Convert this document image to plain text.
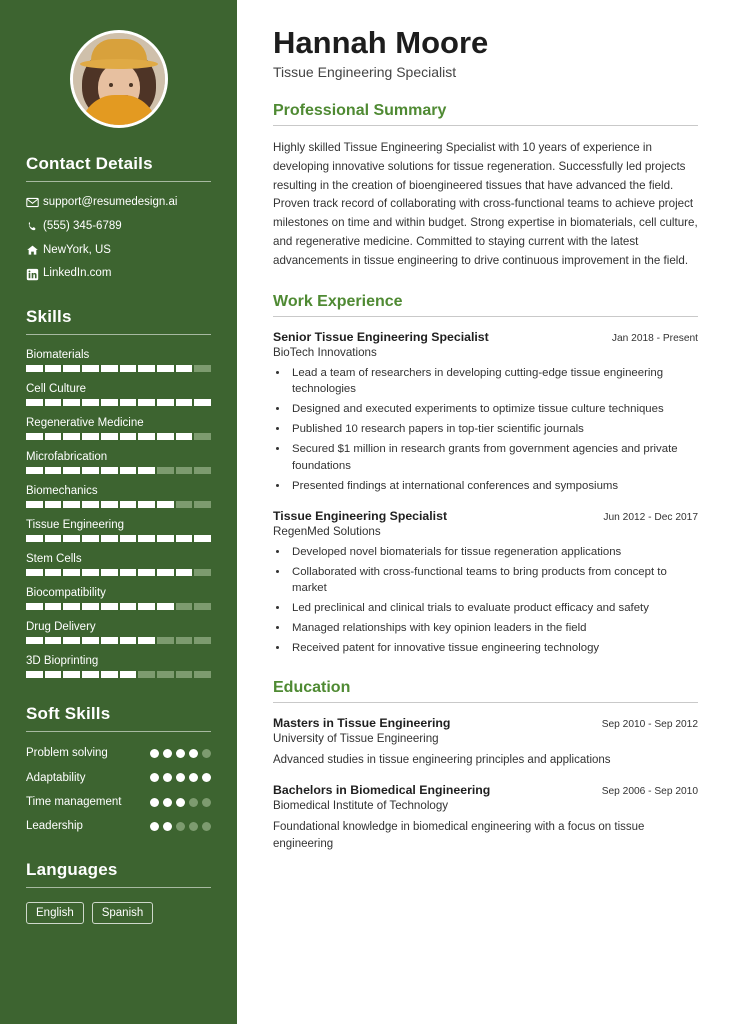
Contact Details
support@resumedesign.ai
(555) 345-6789
NewYork, US
LinkedIn.com
Skills
Biomaterials
Cell Culture
Regenerative Medicine
Microfabrication
Biomechanics
Tissue Engineering
Stem Cells
Biocompatibility
Drug Delivery
3D Bioprinting
Soft Skills
Problem solving
Adaptability
Time management
Leadership
Languages
English	Spanish
Hannah Moore
Tissue Engineering Specialist
Professional Summary

Highly skilled Tissue Engineering Specialist with 10 years of experience in developing innovative solutions for tissue regeneration. Successfully led projects resulting in the creation of bioengineered tissues that have advanced the field. Proven track record of collaborating with cross-functional teams to achieve project milestones on time and within budget. Strong expertise in biomaterials, cell culture, and regenerative medicine. Committed to staying current with the latest advancements in tissue engineering to drive continuous improvement in the field.

Work Experience
Senior Tissue Engineering Specialist	Jan 2018 - Present
BioTech Innovations
• Lead a team of researchers in developing cutting-edge tissue engineering technologies
• Designed and executed experiments to optimize tissue culture techniques
• Published 10 research papers in top-tier scientific journals
• Secured $1 million in research grants from government agencies and private foundations
• Presented findings at international conferences and symposiums
Tissue Engineering Specialist	Jun 2012 - Dec 2017
RegenMed Solutions
• Developed novel biomaterials for tissue regeneration applications
• Collaborated with cross-functional teams to bring products from concept to market
• Led preclinical and clinical trials to evaluate product efficacy and safety
• Managed relationships with key opinion leaders in the field
• Received patent for innovative tissue engineering technology
Education
Masters in Tissue Engineering	Sep 2010 - Sep 2012
University of Tissue Engineering
Advanced studies in tissue engineering principles and applications
Bachelors in Biomedical Engineering	Sep 2006 - Sep 2010
Biomedical Institute of Technology
Foundational knowledge in biomedical engineering with a focus on tissue engineering
